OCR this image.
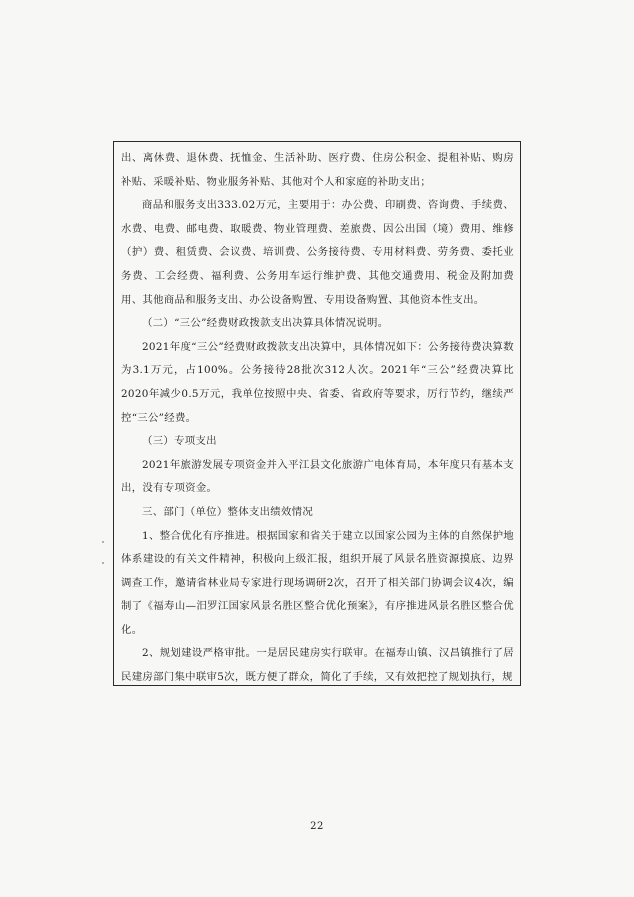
出、离休费、退休费、抚恤金、生活补助、医疗费、住房公积金、提租补贴、购房补贴、采暖补贴、物业服务补贴、其他对个人和家庭的补助支出；

商品和服务支出333.02万元，主要用于：办公费、印刷费、咨询费、手续费、水费、电费、邮电费、取暖费、物业管理费、差旅费、因公出国（境）费用、维修（护）费、租赁费、会议费、培训费、公务接待费、专用材料费、劳务费、委托业务费、工会经费、福利费、公务用车运行维护费、其他交通费用、税金及附加费用、其他商品和服务支出、办公设备购置、专用设备购置、其他资本性支出。

（二）“三公”经费财政拨款支出决算具体情况说明。

2021年度“三公”经费财政拨款支出决算中，具体情况如下：公务接待费决算数为3.1万元，占100%。公务接待28批次312人次。2021年“三公”经费决算比2020年减少0.5万元，我单位按照中央、省委、省政府等要求，厉行节约，继续严控“三公”经费。

（三）专项支出

2021年旅游发展专项资金并入平江县文化旅游广电体育局，本年度只有基本支出，没有专项资金。

三、部门（单位）整体支出绩效情况

1、整合优化有序推进。根据国家和省关于建立以国家公园为主体的自然保护地体系建设的有关文件精神，积极向上级汇报，组织开展了风景名胜资源摸底、边界调查工作，邀请省林业局专家进行现场调研2次，召开了相关部门协调会议4次，编制了《福寿山—汨罗江国家风景名胜区整合优化预案》，有序推进风景名胜区整合优化。

2、规划建设严格审批。一是居民建房实行联审。在福寿山镇、汉昌镇推行了居民建房部门集中联审5次，既方便了群众，简化了手续，又有效把控了规划执行，规

22
